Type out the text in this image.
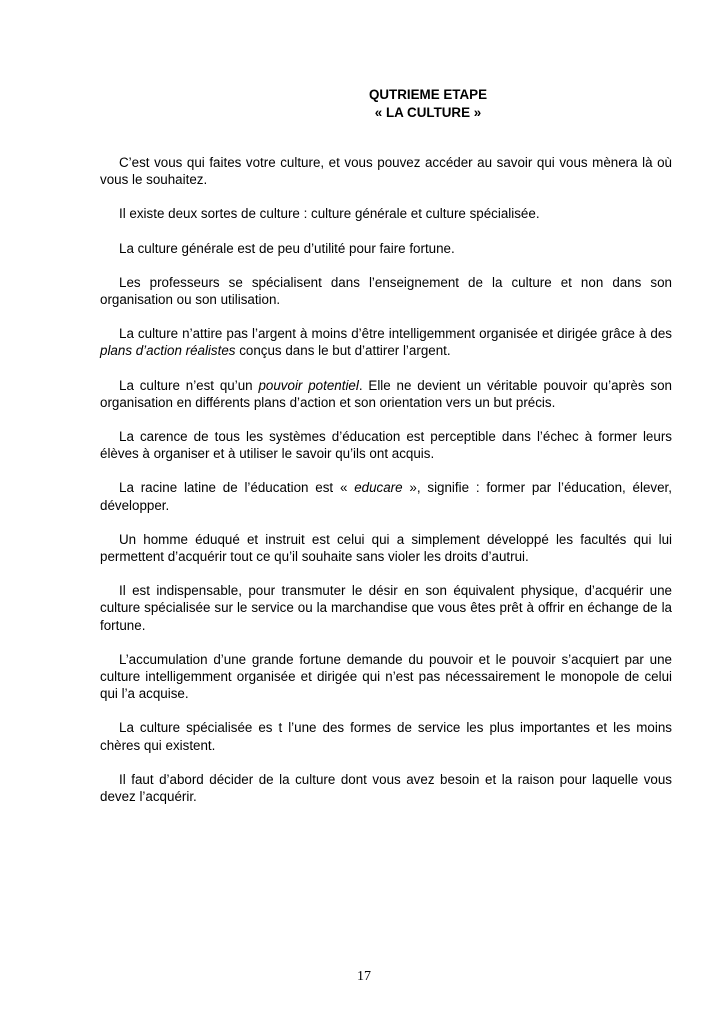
QUTRIEME ETAPE
« LA CULTURE »

C’est vous qui faites votre culture, et vous pouvez accéder au savoir qui vous mènera là où vous le souhaitez.

Il existe deux sortes de culture : culture générale et culture spécialisée.

La culture générale est de peu d’utilité pour faire fortune.

Les professeurs se spécialisent dans l’enseignement de la culture et non dans son organisation ou son utilisation.

La culture n’attire pas l’argent à moins d’être intelligemment organisée et dirigée grâce à des plans d’action réalistes conçus dans le but d’attirer l’argent.

La culture n’est qu’un pouvoir potentiel. Elle ne devient un véritable pouvoir qu’après son organisation en différents plans d’action et son orientation vers un but précis.

La carence de tous les systèmes d’éducation est perceptible dans l’échec à former leurs élèves à organiser et à utiliser le savoir qu’ils ont acquis.

La racine latine de l’éducation est « educare », signifie : former par l’éducation, élever, développer.

Un homme éduqué et instruit est celui qui a simplement développé les facultés qui lui permettent d’acquérir tout ce qu’il souhaite sans violer les droits d’autrui.

Il est indispensable, pour transmuter le désir en son équivalent physique, d’acquérir une culture spécialisée sur le service ou la marchandise que vous êtes prêt à offrir en échange de la fortune.

L’accumulation d’une grande fortune demande du pouvoir et le pouvoir s’acquiert par une culture intelligemment organisée et dirigée qui n’est pas nécessairement le monopole de celui qui l’a acquise.

La culture spécialisée es t l’une des formes de service les plus importantes et les moins chères qui existent.

Il faut d’abord décider de la culture dont vous avez besoin et la raison pour laquelle vous devez l’acquérir.

17
